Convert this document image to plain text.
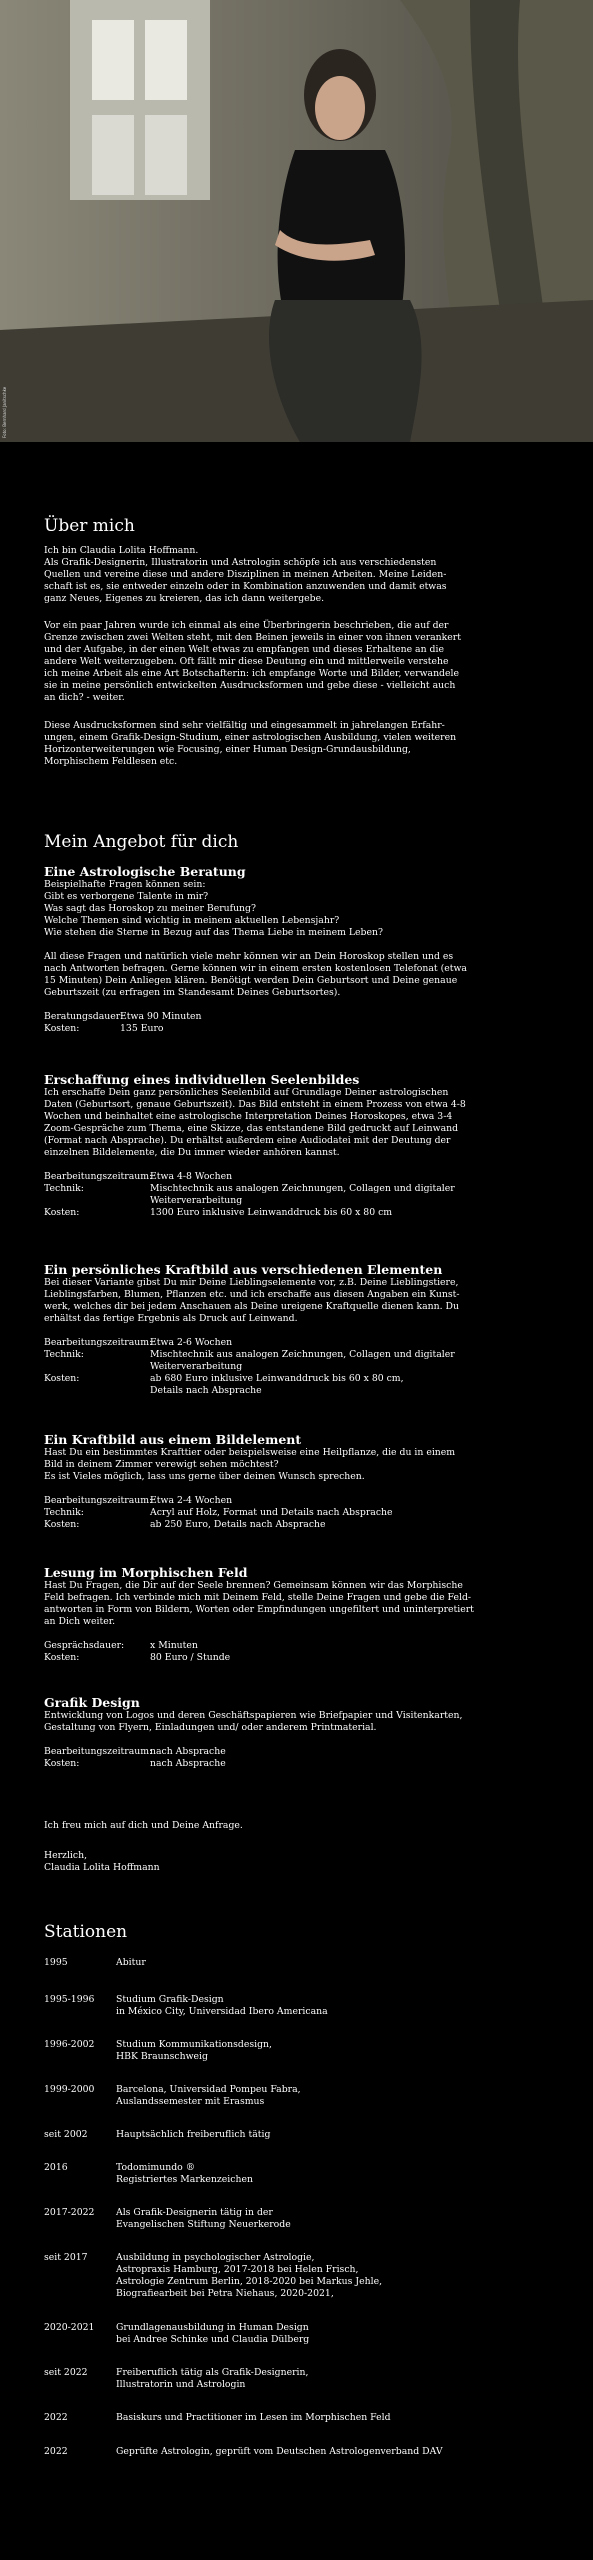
Foto: Bernhard Janitschke
Über mich

Ich bin Claudia Lolita Hoffmann.

Als Grafik-Designerin, Illustratorin und Astrologin schöpfe ich aus verschiedensten

Quellen und vereine diese und andere Disziplinen in meinen Arbeiten. Meine Leiden-

schaft ist es, sie entweder einzeln oder in Kombination anzuwenden und damit etwas

ganz Neues, Eigenes zu kreieren, das ich dann weitergebe.

Vor ein paar Jahren wurde ich einmal als eine Überbringerin beschrieben, die auf der

Grenze zwischen zwei Welten steht, mit den Beinen jeweils in einer von ihnen verankert

und der Aufgabe, in der einen Welt etwas zu empfangen und dieses Erhaltene an die

andere Welt weiterzugeben. Oft fällt mir diese Deutung ein und mittlerweile verstehe

ich meine Arbeit als eine Art Botschafterin: ich empfange Worte und Bilder, verwandele

sie in meine persönlich entwickelten Ausdrucksformen und gebe diese - vielleicht auch

an dich? - weiter.

Diese Ausdrucksformen sind sehr vielfältig und eingesammelt in jahrelangen Erfahr-

ungen, einem Grafik-Design-Studium, einer astrologischen Ausbildung, vielen weiteren

Horizonterweiterungen wie Focusing, einer Human Design-Grundausbildung,

Morphischem Feldlesen etc.

Mein Angebot für dich
Eine Astrologische Beratung

Beispielhafte Fragen können sein:

Gibt es verborgene Talente in mir?

Was sagt das Horoskop zu meiner Berufung?

Welche Themen sind wichtig in meinem aktuellen Lebensjahr?

Wie stehen die Sterne in Bezug auf das Thema Liebe in meinem Leben?

All diese Fragen und natürlich viele mehr können wir an Dein Horoskop stellen und es

nach Antworten befragen. Gerne können wir in einem ersten kostenlosen Telefonat (etwa

15 Minuten) Dein Anliegen klären. Benötigt werden Dein Geburtsort und Deine genaue

Geburtszeit (zu erfragen im Standesamt Deines Geburtsortes).

Beratungsdauer:
Etwa 90 Minuten
Kosten:	135 Euro
Erschaffung eines individuellen Seelenbildes

Ich erschaffe Dein ganz persönliches Seelenbild auf Grundlage Deiner astrologischen

Daten (Geburtsort, genaue Geburtszeit). Das Bild entsteht in einem Prozess von etwa 4-8

Wochen und beinhaltet eine astrologische Interpretation Deines Horoskopes, etwa 3-4

Zoom-Gespräche zum Thema, eine Skizze, das entstandene Bild gedruckt auf Leinwand

(Format nach Absprache). Du erhältst außerdem eine Audiodatei mit der Deutung der

einzelnen Bildelemente, die Du immer wieder anhören kannst.

Bearbeitungszeitraum:
Etwa 4-8 Wochen
Technik:	Mischtechnik aus analogen Zeichnungen, Collagen und digitaler
Weiterverarbeitung
Kosten:	1300 Euro inklusive Leinwanddruck bis 60 x 80 cm
Ein persönliches Kraftbild aus verschiedenen Elementen

Bei dieser Variante gibst Du mir Deine Lieblingselemente vor, z.B. Deine Lieblingstiere,

Lieblingsfarben, Blumen, Pflanzen etc. und ich erschaffe aus diesen Angaben ein Kunst-

werk, welches dir bei jedem Anschauen als Deine ureigene Kraftquelle dienen kann. Du

erhältst das fertige Ergebnis als Druck auf Leinwand.

Bearbeitungszeitraum:
Etwa 2-6 Wochen
Technik:	Mischtechnik aus analogen Zeichnungen, Collagen und digitaler
Weiterverarbeitung
Kosten:	ab 680 Euro inklusive Leinwanddruck bis 60 x 80 cm,
Details nach Absprache
Ein Kraftbild aus einem Bildelement

Hast Du ein bestimmtes Krafttier oder beispielsweise eine Heilpflanze, die du in einem

Bild in deinem Zimmer verewigt sehen möchtest?

Es ist Vieles möglich, lass uns gerne über deinen Wunsch sprechen.

Bearbeitungszeitraum:
Etwa 2-4 Wochen
Technik:	Acryl auf Holz, Format und Details nach Absprache
Kosten:	ab 250 Euro, Details nach Absprache
Lesung im Morphischen Feld

Hast Du Fragen, die Dir auf der Seele brennen? Gemeinsam können wir das Morphische

Feld befragen. Ich verbinde mich mit Deinem Feld, stelle Deine Fragen und gebe die Feld-

antworten in Form von Bildern, Worten oder Empfindungen ungefiltert und uninterpretiert

an Dich weiter.

Gesprächsdauer:	x Minuten
Kosten:	80 Euro / Stunde
Grafik Design

Entwicklung von Logos und deren Geschäftspapieren wie Briefpapier und Visitenkarten,

Gestaltung von Flyern, Einladungen und/ oder anderem Printmaterial.

Bearbeitungszeitraum:
nach Absprache
Kosten:	nach Absprache

Ich freu mich auf dich und Deine Anfrage.

Herzlich,

Claudia Lolita Hoffmann

Stationen
1995	Abitur
1995-1996	Studium Grafik-Design
in México City, Universidad Ibero Americana
1996-2002	Studium Kommunikationsdesign,
HBK Braunschweig
1999-2000	Barcelona, Universidad Pompeu Fabra,
Auslandssemester mit Erasmus
seit 2002	Hauptsächlich freiberuflich tätig
2016	Todomimundo ®
Registriertes Markenzeichen
2017-2022	Als Grafik-Designerin tätig in der
Evangelischen Stiftung Neuerkerode
seit 2017	Ausbildung in psychologischer Astrologie,
Astropraxis Hamburg, 2017-2018 bei Helen Frisch,
Astrologie Zentrum Berlin, 2018-2020 bei Markus Jehle,
Biografiearbeit bei Petra Niehaus, 2020-2021,
2020-2021	Grundlagenausbildung in Human Design
bei Andree Schinke und Claudia Dülberg
seit 2022	Freiberuflich tätig als Grafik-Designerin,
Illustratorin und Astrologin
2022	Basiskurs und Practitioner im Lesen im Morphischen Feld
2022	Geprüfte Astrologin, geprüft vom Deutschen Astrologenverband DAV
